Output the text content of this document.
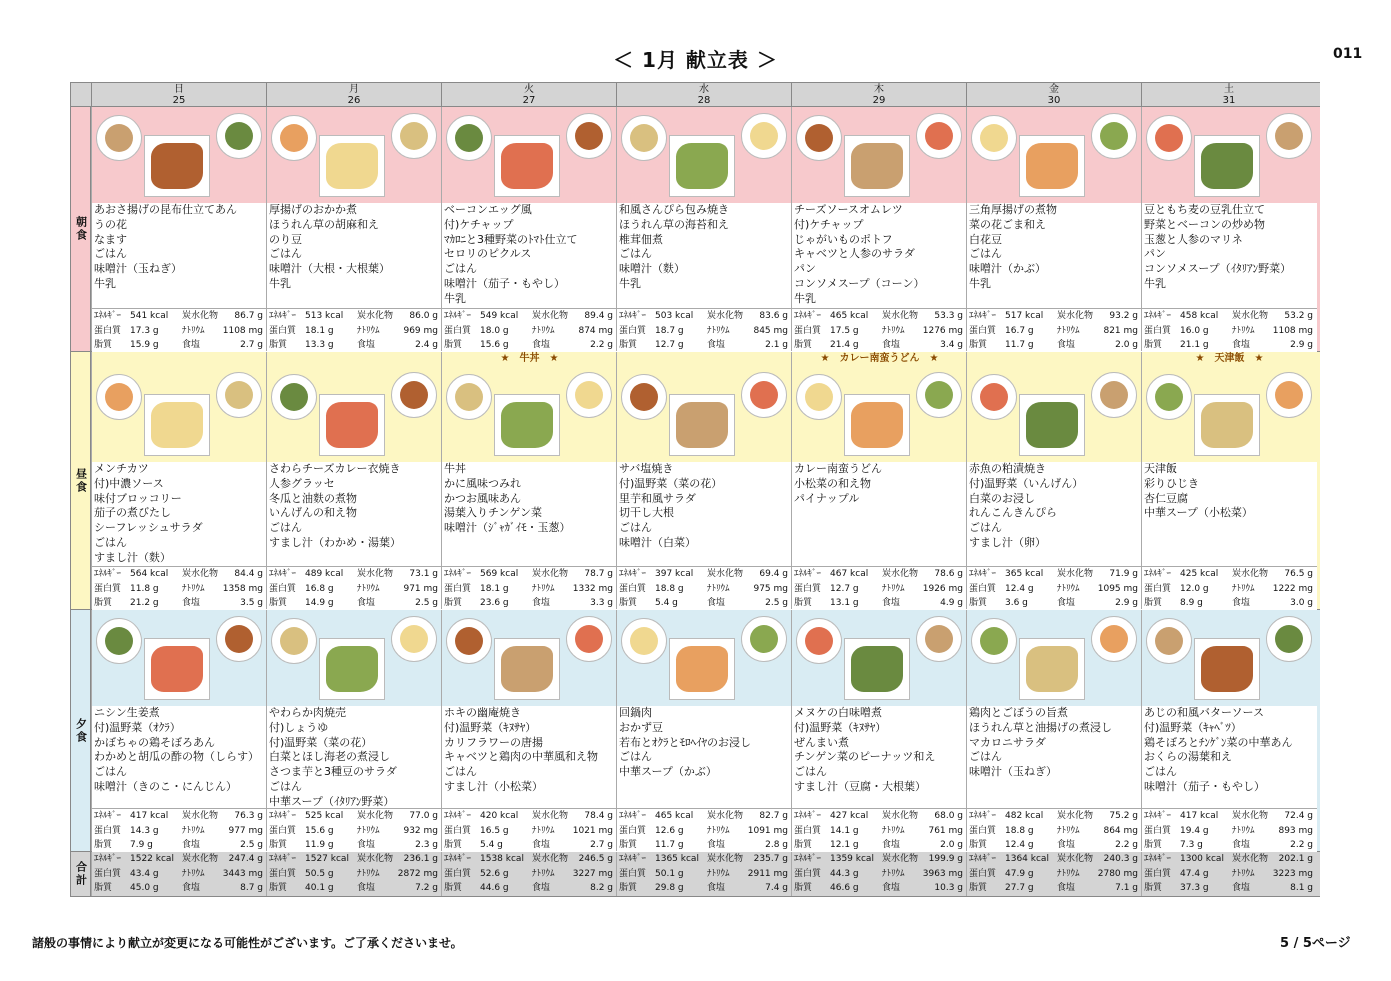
＜ 1月 献立表 ＞	011
日
25
月
26
火
27
水
28
木
29
金
30
土
31
朝食
あおさ揚げの昆布仕立てあん
うの花
なます
ごはん
味噌汁（玉ねぎ）
牛乳
ｴﾈﾙｷﾞｰ 541 kcal	炭水化物	86.7 g
蛋白質 17.3 g	ﾅﾄﾘｳﾑ	1108 mg
脂質	15.9 g	食塩	2.7 g
厚揚げのおかか煮
ほうれん草の胡麻和え
のり豆
ごはん
味噌汁（大根・大根葉）
牛乳
ｴﾈﾙｷﾞｰ 513 kcal	炭水化物	86.0 g
蛋白質 18.1 g	ﾅﾄﾘｳﾑ	969 mg
脂質	13.3 g	食塩	2.4 g
ベーコンエッグ風
付)ケチャップ
ﾏｶﾛﾆと3種野菜のﾄﾏﾄ仕立て
セロリのピクルス
ごはん
味噌汁（茄子・もやし）
牛乳
ｴﾈﾙｷﾞｰ 549 kcal	炭水化物	89.4 g
蛋白質 18.0 g	ﾅﾄﾘｳﾑ	874 mg
脂質	15.6 g	食塩	2.2 g
和風さんぴら包み焼き
ほうれん草の海苔和え
椎茸佃煮
ごはん
味噌汁（麩）
牛乳
ｴﾈﾙｷﾞｰ 503 kcal	炭水化物	83.6 g
蛋白質 18.7 g	ﾅﾄﾘｳﾑ	845 mg
脂質	12.7 g	食塩	2.1 g
チーズソースオムレツ
付)ケチャップ
じゃがいものポトフ
キャベツと人参のサラダ
パン
コンソメスープ（コーン）
牛乳
ｴﾈﾙｷﾞｰ 465 kcal	炭水化物	53.3 g
蛋白質 17.5 g	ﾅﾄﾘｳﾑ	1276 mg
脂質	21.4 g	食塩	3.4 g
三角厚揚げの煮物
菜の花ごま和え
白花豆
ごはん
味噌汁（かぶ）
牛乳
ｴﾈﾙｷﾞｰ 517 kcal	炭水化物	93.2 g
蛋白質 16.7 g	ﾅﾄﾘｳﾑ	821 mg
脂質	11.7 g	食塩	2.0 g
豆ともち麦の豆乳仕立て
野菜とベーコンの炒め物
玉葱と人参のマリネ
パン
コンソメスープ（ｲﾀﾘｱﾝ野菜）
牛乳
ｴﾈﾙｷﾞｰ 458 kcal	炭水化物	53.2 g
蛋白質 16.0 g	ﾅﾄﾘｳﾑ	1108 mg
脂質	21.1 g	食塩	2.9 g
昼食 メンチカツ
付)中濃ソース
味付ブロッコリー
茄子の煮びたし
シーフレッシュサラダ
ごはん
すまし汁（麩）
ｴﾈﾙｷﾞｰ 564 kcal	炭水化物	84.4 g
蛋白質 11.8 g	ﾅﾄﾘｳﾑ	1358 mg
脂質	21.2 g	食塩	3.5 g
さわらチーズカレー衣焼き
人参グラッセ
冬瓜と油麩の煮物
いんげんの和え物
ごはん
すまし汁（わかめ・湯葉）
ｴﾈﾙｷﾞｰ 489 kcal	炭水化物	73.1 g
蛋白質 16.8 g	ﾅﾄﾘｳﾑ	971 mg
脂質	14.9 g	食塩	2.5 g
★　牛丼　★
牛丼
かに風味つみれ
かつお風味あん
湯葉入りチンゲン菜
味噌汁（ｼﾞｬｶﾞｲﾓ・玉葱）
ｴﾈﾙｷﾞｰ 569 kcal	炭水化物	78.7 g
蛋白質 18.1 g	ﾅﾄﾘｳﾑ	1332 mg
脂質	23.6 g	食塩	3.3 g
サバ塩焼き
付)温野菜（菜の花）
里芋和風サラダ
切干し大根
ごはん
味噌汁（白菜）
ｴﾈﾙｷﾞｰ 397 kcal	炭水化物	69.4 g
蛋白質 18.8 g	ﾅﾄﾘｳﾑ	975 mg
脂質	5.4 g	食塩	2.5 g
★　カレー南蛮うどん　★
カレー南蛮うどん
小松菜の和え物
パイナップル
ｴﾈﾙｷﾞｰ 467 kcal	炭水化物	78.6 g
蛋白質 12.7 g	ﾅﾄﾘｳﾑ	1926 mg
脂質	13.1 g	食塩	4.9 g
赤魚の粕漬焼き
付)温野菜（いんげん）
白菜のお浸し
れんこんきんぴら
ごはん
すまし汁（卵）
ｴﾈﾙｷﾞｰ 365 kcal	炭水化物	71.9 g
蛋白質 12.4 g	ﾅﾄﾘｳﾑ	1095 mg
脂質	3.6 g	食塩	2.9 g
★　天津飯　★
天津飯
彩りひじき
杏仁豆腐
中華スープ（小松菜）
ｴﾈﾙｷﾞｰ 425 kcal	炭水化物	76.5 g
蛋白質 12.0 g	ﾅﾄﾘｳﾑ	1222 mg
脂質	8.9 g	食塩	3.0 g
夕食
ニシン生姜煮
付)温野菜（ｵｸﾗ）
かぼちゃの鶏そぼろあん
わかめと胡瓜の酢の物（しらす）
ごはん
味噌汁（きのこ・にんじん）
ｴﾈﾙｷﾞｰ 417 kcal	炭水化物	76.3 g
蛋白質 14.3 g	ﾅﾄﾘｳﾑ	977 mg
脂質	7.9 g	食塩	2.5 g
やわらか肉焼売
付)しょうゆ
付)温野菜（菜の花）
白菜とほし海老の煮浸し
さつま芋と3種豆のサラダ
ごはん
中華スープ（ｲﾀﾘｱﾝ野菜）
ｴﾈﾙｷﾞｰ 525 kcal	炭水化物	77.0 g
蛋白質 15.6 g	ﾅﾄﾘｳﾑ	932 mg
脂質	11.9 g	食塩	2.3 g
ホキの幽庵焼き
付)温野菜（ｷﾇｻﾔ）
カリフラワーの唐揚
キャベツと鶏肉の中華風和え物
ごはん
すまし汁（小松菜）
ｴﾈﾙｷﾞｰ 420 kcal	炭水化物	78.4 g
蛋白質 16.5 g	ﾅﾄﾘｳﾑ	1021 mg
脂質	5.4 g	食塩	2.7 g
回鍋肉
おかず豆
若布とｵｸﾗとﾓﾛﾍｲﾔのお浸し
ごはん
中華スープ（かぶ）
ｴﾈﾙｷﾞｰ 465 kcal	炭水化物	82.7 g
蛋白質 12.6 g	ﾅﾄﾘｳﾑ	1091 mg
脂質	11.7 g	食塩	2.8 g
メヌケの白味噌煮
付)温野菜（ｷﾇｻﾔ）
ぜんまい煮
チンゲン菜のピーナッツ和え
ごはん
すまし汁（豆腐・大根葉）
ｴﾈﾙｷﾞｰ 427 kcal	炭水化物	68.0 g
蛋白質 14.1 g	ﾅﾄﾘｳﾑ	761 mg
脂質	12.1 g	食塩	2.0 g
鶏肉とごぼうの旨煮
ほうれん草と油揚げの煮浸し
マカロニサラダ
ごはん
味噌汁（玉ねぎ）
ｴﾈﾙｷﾞｰ 482 kcal	炭水化物	75.2 g
蛋白質 18.8 g	ﾅﾄﾘｳﾑ	864 mg
脂質	12.4 g	食塩	2.2 g
あじの和風バターソース
付)温野菜（ｷｬﾍﾞﾂ）
鶏そぼろとﾁﾝｹﾞﾝ菜の中華あん
おくらの湯葉和え
ごはん
味噌汁（茄子・もやし）
ｴﾈﾙｷﾞｰ 417 kcal	炭水化物	72.4 g
蛋白質 19.4 g	ﾅﾄﾘｳﾑ	893 mg
脂質	7.3 g	食塩	2.2 g
合計
ｴﾈﾙｷﾞｰ 1522 kcal 炭水化物	247.4 g
蛋白質 43.4 g	ﾅﾄﾘｳﾑ	3443 mg
脂質	45.0 g	食塩	8.7 g
ｴﾈﾙｷﾞｰ 1527 kcal 炭水化物	236.1 g
蛋白質 50.5 g	ﾅﾄﾘｳﾑ	2872 mg
脂質	40.1 g	食塩	7.2 g
ｴﾈﾙｷﾞｰ 1538 kcal 炭水化物	246.5 g
蛋白質 52.6 g	ﾅﾄﾘｳﾑ	3227 mg
脂質	44.6 g	食塩	8.2 g
ｴﾈﾙｷﾞｰ 1365 kcal 炭水化物	235.7 g
蛋白質 50.1 g	ﾅﾄﾘｳﾑ	2911 mg
脂質	29.8 g	食塩	7.4 g
ｴﾈﾙｷﾞｰ 1359 kcal 炭水化物	199.9 g
蛋白質 44.3 g	ﾅﾄﾘｳﾑ	3963 mg
脂質	46.6 g	食塩	10.3 g
ｴﾈﾙｷﾞｰ 1364 kcal 炭水化物	240.3 g
蛋白質 47.9 g	ﾅﾄﾘｳﾑ	2780 mg
脂質	27.7 g	食塩	7.1 g
ｴﾈﾙｷﾞｰ 1300 kcal 炭水化物	202.1 g
蛋白質 47.4 g	ﾅﾄﾘｳﾑ	3223 mg
脂質	37.3 g	食塩	8.1 g
諸般の事情により献立が変更になる可能性がございます。ご了承くださいませ。	5 / 5ページ
